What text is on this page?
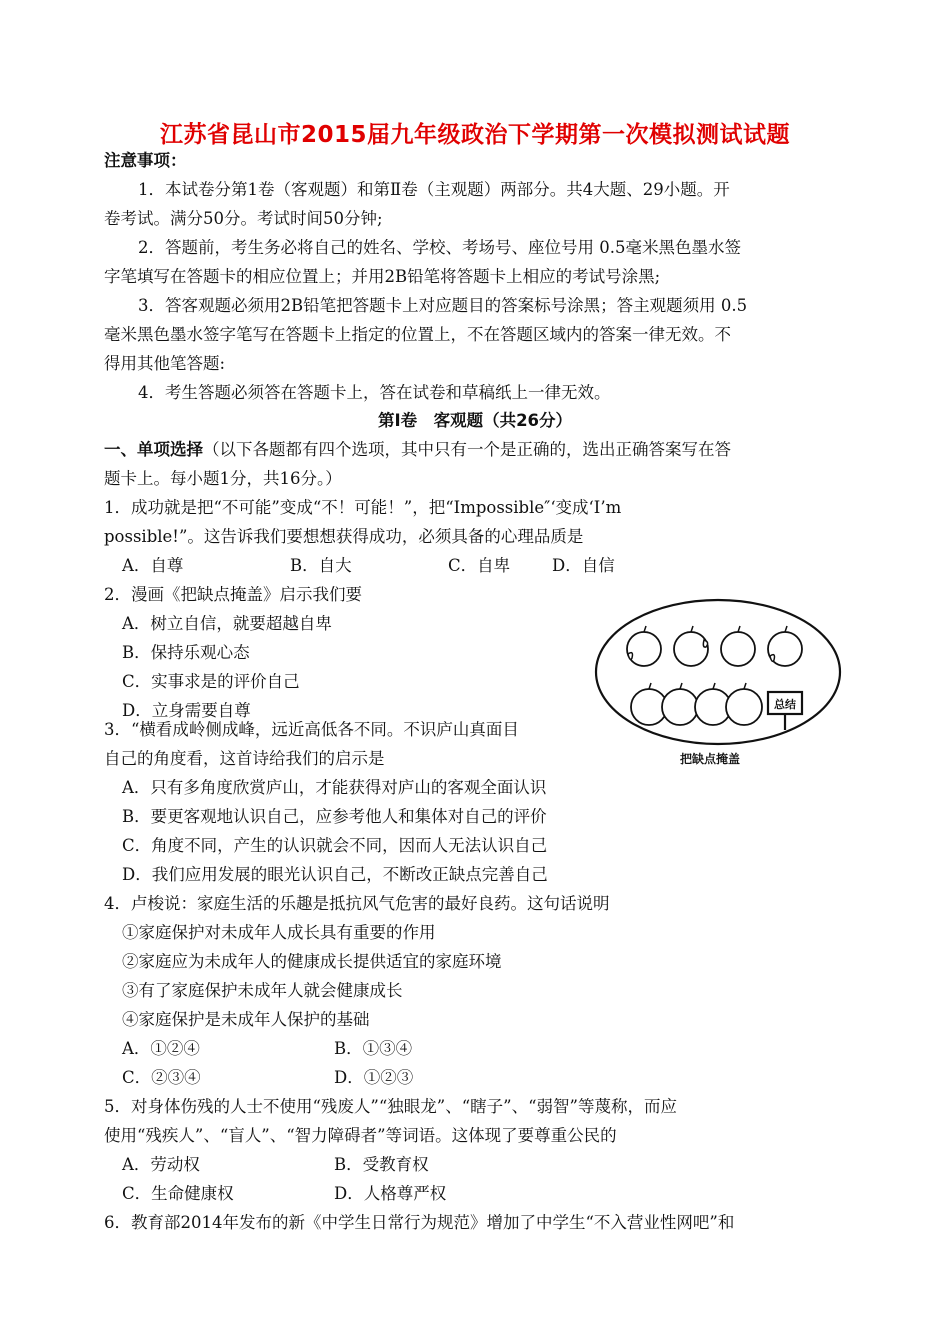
江苏省昆山市2015届九年级政治下学期第一次模拟测试试题
注意事项：
1．本试卷分第1卷（客观题）和第Ⅱ卷（主观题）两部分。共4大题、29小题。开
卷考试。满分50分。考试时间50分钟;
2．答题前，考生务必将自己的姓名、学校、考场号、座位号用 0.5毫米黑色墨水签
字笔填写在答题卡的相应位置上；并用2B铅笔将答题卡上相应的考试号涂黑;
3．答客观题必须用2B铅笔把答题卡上对应题目的答案标号涂黑；答主观题须用 0.5
毫米黑色墨水签字笔写在答题卡上指定的位置上，不在答题区域内的答案一律无效。不
得用其他笔答题:
4．考生答题必须答在答题卡上，答在试卷和草稿纸上一律无效。
第Ⅰ卷　客观题（共26分）
一、单项选择（以下各题都有四个选项，其中只有一个是正确的，选出正确答案写在答
题卡上。每小题1分，共16分。）
1．成功就是把“不可能”变成“不！可能！”，把“Impossible″‘变成‘I’m
possible!”。这告诉我们要想想获得成功，必须具备的心理品质是
A．自尊	B．自大	C．自卑	D．自信
2．漫画《把缺点掩盖》启示我们要
A．树立自信，就要超越自卑
B．保持乐观心态
C．实事求是的评价自己
D．立身需要自尊	总结
把缺点掩盖
3．“横看成岭侧成峰，远近高低各不同。不识庐山真面目
自己的角度看，这首诗给我们的启示是
A．只有多角度欣赏庐山，才能获得对庐山的客观全面认识
B．要更客观地认识自己，应参考他人和集体对自己的评价
C．角度不同，产生的认识就会不同，因而人无法认识自己
D．我们应用发展的眼光认识自己，不断改正缺点完善自己
4．卢梭说：家庭生活的乐趣是抵抗风气危害的最好良药。这句话说明
①家庭保护对未成年人成长具有重要的作用
②家庭应为未成年人的健康成长提供适宜的家庭环境
③有了家庭保护未成年人就会健康成长
④家庭保护是未成年人保护的基础
A．①②④	B．①③④
C．②③④	D．①②③
5．对身体伤残的人士不使用“残废人”“独眼龙”、“瞎子”、“弱智”等蔑称，而应
使用“残疾人”、“盲人”、“智力障碍者”等词语。这体现了要尊重公民的
A．劳动权	B．受教育权
C．生命健康权	D．人格尊严权
6．教育部2014年发布的新《中学生日常行为规范》增加了中学生“不入营业性网吧”和
